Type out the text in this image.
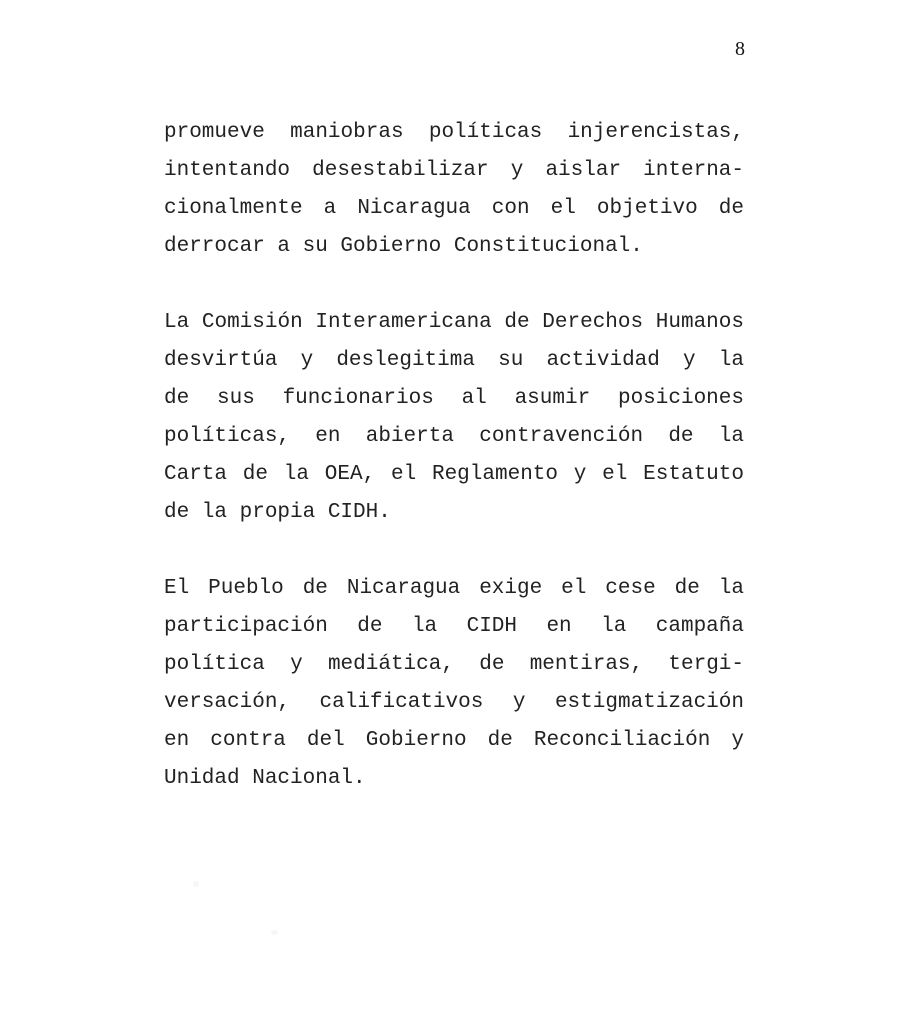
8
promueve maniobras políticas injerencistas,
intentando desestabilizar y aislar interna-
cionalmente a Nicaragua con el objetivo de
derrocar a su Gobierno Constitucional.
La Comisión Interamericana de Derechos Humanos
desvirtúa y deslegitima su actividad y la
de sus funcionarios al asumir posiciones
políticas, en abierta contravención de la
Carta de la OEA, el Reglamento y el Estatuto
de la propia CIDH.
El Pueblo de Nicaragua exige el cese de la
participación de la CIDH en la campaña
política y mediática, de mentiras, tergi-
versación, calificativos y estigmatización
en contra del Gobierno de Reconciliación y
Unidad Nacional.
